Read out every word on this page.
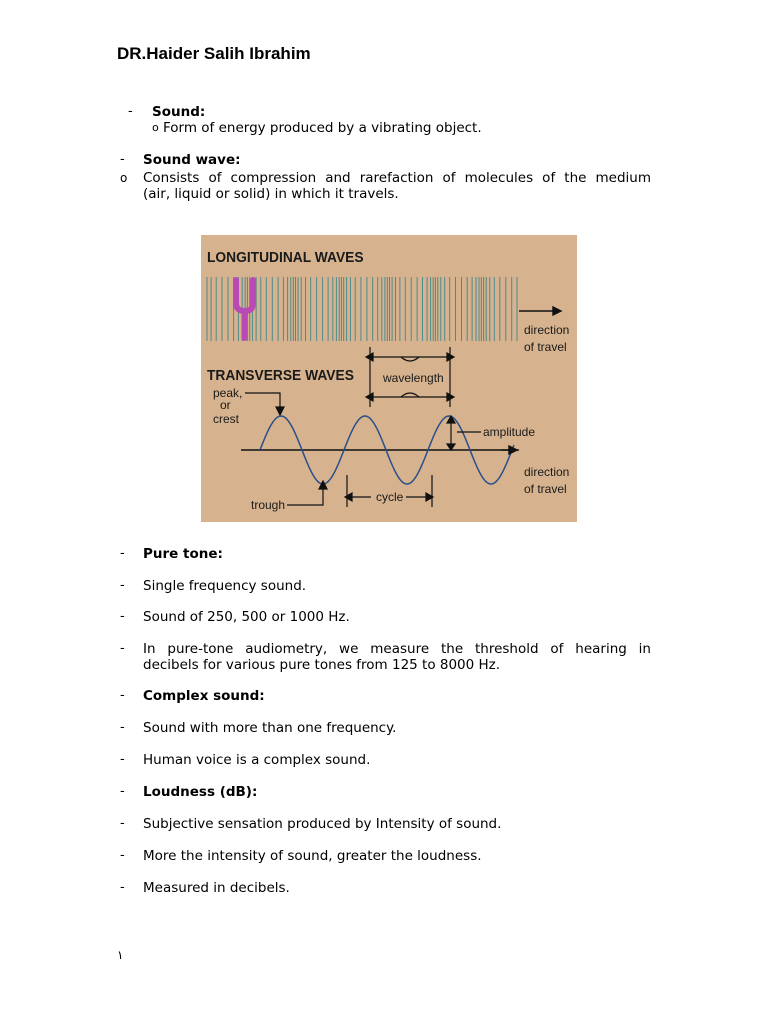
DR.Haider Salih Ibrahim
- Sound:
o Form of energy produced by a vibrating object.
- Sound wave:
o Consists of compression and rarefaction of molecules of the medium
(air, liquid or solid) in which it travels.
LONGITUDINAL WAVES
direction
of travel
TRANSVERSE WAVES wavelength
peak,
or
crest
amplitude
direction
of travel
trough
cycle
- Pure tone:
- Single frequency sound.
- Sound of 250, 500 or 1000 Hz.
- In pure-tone audiometry, we measure the threshold of hearing in
decibels for various pure tones from 125 to 8000 Hz.
- Complex sound:
- Sound with more than one frequency.
- Human voice is a complex sound.
- Loudness (dB):
- Subjective sensation produced by Intensity of sound.
- More the intensity of sound, greater the loudness.
- Measured in decibels.
١
